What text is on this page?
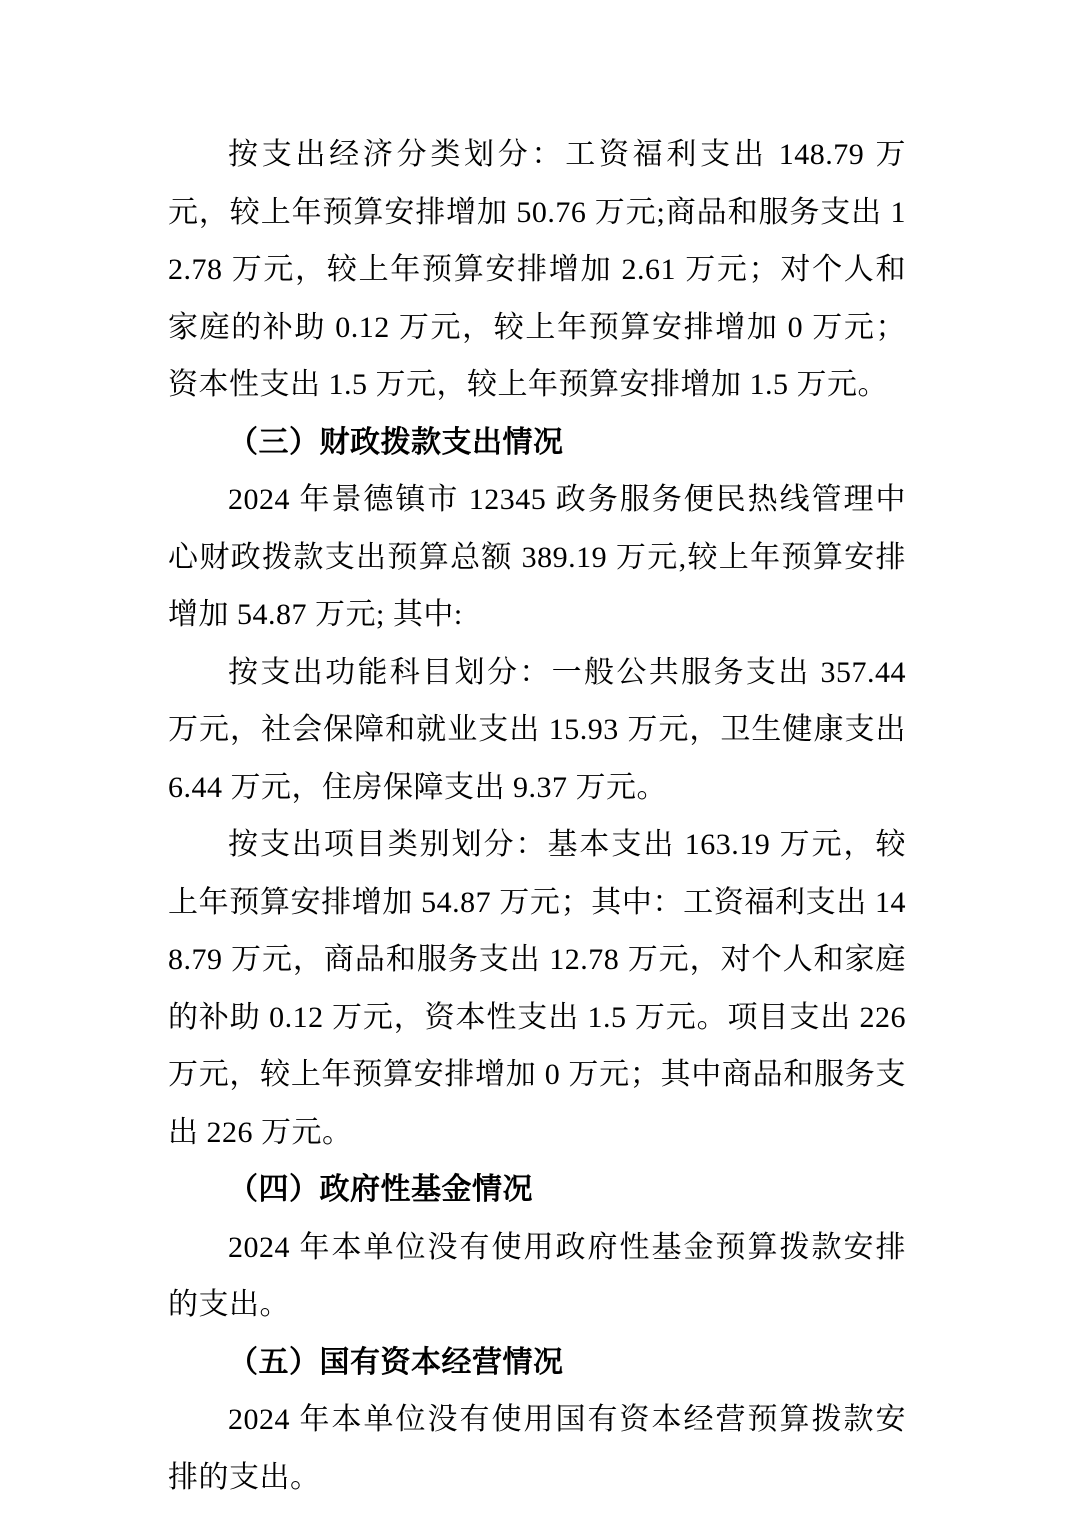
按支出经济分类划分：工资福利支出 148.79 万元，较上年预算安排增加 50.76 万元;商品和服务支出 12.78 万元，较上年预算安排增加 2.61 万元；对个人和家庭的补助 0.12 万元，较上年预算安排增加 0 万元；资本性支出 1.5 万元，较上年预算安排增加 1.5 万元。

（三）财政拨款支出情况

2024 年景德镇市 12345 政务服务便民热线管理中心财政拨款支出预算总额 389.19 万元,较上年预算安排增加 54.87 万元; 其中:

按支出功能科目划分：一般公共服务支出 357.44 万元，社会保障和就业支出 15.93 万元，卫生健康支出 6.44 万元，住房保障支出 9.37 万元。

按支出项目类别划分：基本支出 163.19 万元，较上年预算安排增加 54.87 万元；其中：工资福利支出 148.79 万元，商品和服务支出 12.78 万元，对个人和家庭的补助 0.12 万元，资本性支出 1.5 万元。项目支出 226 万元，较上年预算安排增加 0 万元；其中商品和服务支出 226 万元。

（四）政府性基金情况

2024 年本单位没有使用政府性基金预算拨款安排的支出。

（五）国有资本经营情况

2024 年本单位没有使用国有资本经营预算拨款安排的支出。
